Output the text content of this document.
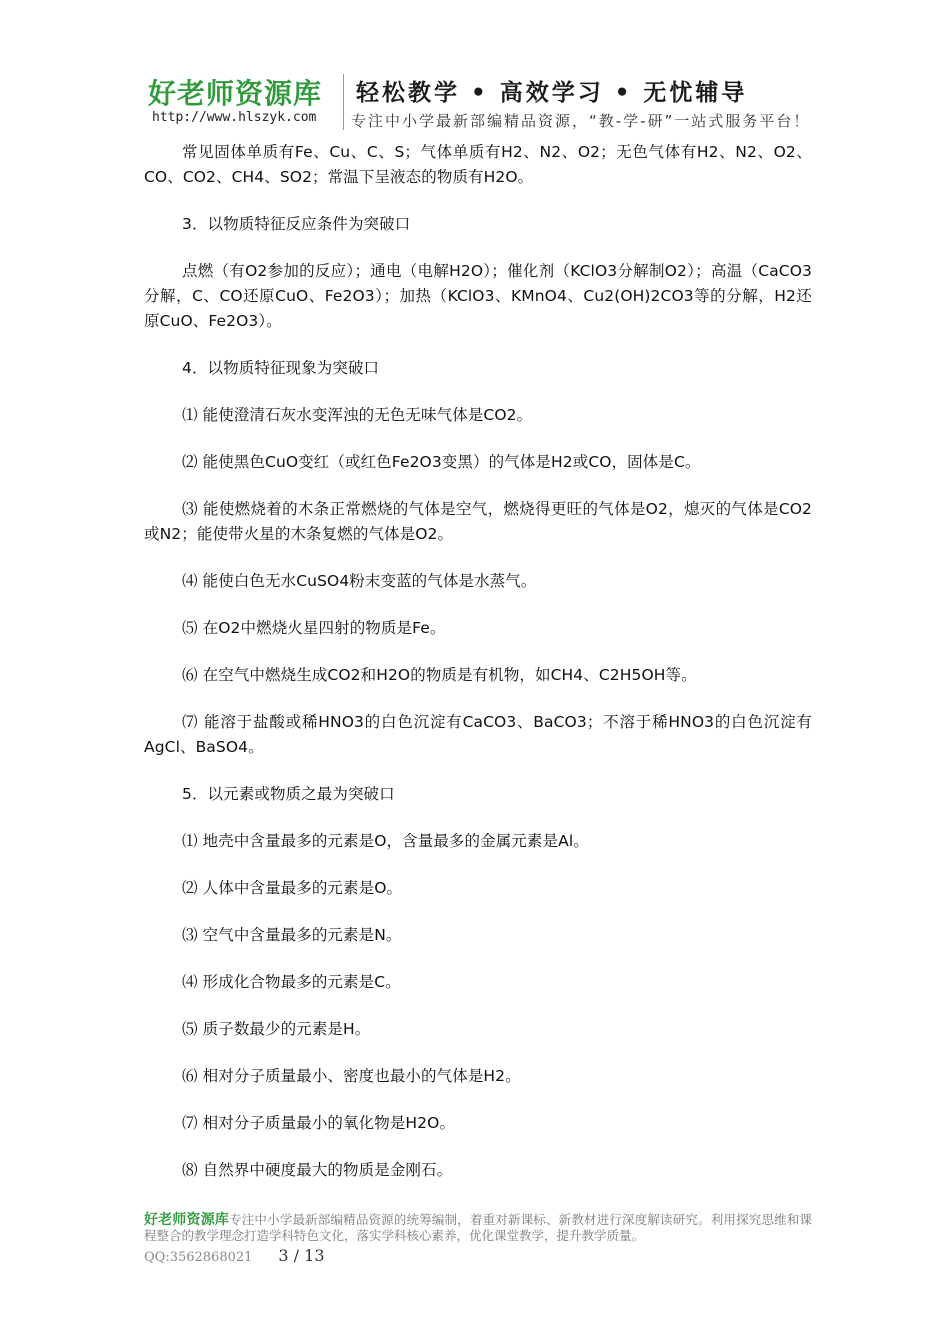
好老师资源库 轻松教学 • 高效学习 • 无忧辅导
http://www.hlszyk.com 专注中小学最新部编精品资源，“教-学-研”一站式服务平台！

常见固体单质有Fe、Cu、C、S；气体单质有H2、N2、O2；无色气体有H2、N2、O2、CO、CO2、CH4、SO2；常温下呈液态的物质有H2O。

3．以物质特征反应条件为突破口

点燃（有O2参加的反应）；通电（电解H2O）；催化剂（KClO3分解制O2）；高温（CaCO3分解，C、CO还原CuO、Fe2O3）；加热（KClO3、KMnO4、Cu2(OH)2CO3等的分解，H2还原CuO、Fe2O3）。

4．以物质特征现象为突破口

⑴ 能使澄清石灰水变浑浊的无色无味气体是CO2。

⑵ 能使黑色CuO变红（或红色Fe2O3变黑）的气体是H2或CO，固体是C。

⑶ 能使燃烧着的木条正常燃烧的气体是空气，燃烧得更旺的气体是O2，熄灭的气体是CO2或N2；能使带火星的木条复燃的气体是O2。

⑷ 能使白色无水CuSO4粉末变蓝的气体是水蒸气。

⑸ 在O2中燃烧火星四射的物质是Fe。

⑹ 在空气中燃烧生成CO2和H2O的物质是有机物，如CH4、C2H5OH等。

⑺ 能溶于盐酸或稀HNO3的白色沉淀有CaCO3、BaCO3；不溶于稀HNO3的白色沉淀有AgCl、BaSO4。

5．以元素或物质之最为突破口

⑴ 地壳中含量最多的元素是O，含量最多的金属元素是Al。

⑵ 人体中含量最多的元素是O。

⑶ 空气中含量最多的元素是N。

⑷ 形成化合物最多的元素是C。

⑸ 质子数最少的元素是H。

⑹ 相对分子质量最小、密度也最小的气体是H2。

⑺ 相对分子质量最小的氧化物是H2O。

⑻ 自然界中硬度最大的物质是金刚石。

好老师资源库专注中小学最新部编精品资源的统筹编制，着重对新课标、新教材进行深度解读研究。利用探究思维和课程整合的教学理念打造学科特色文化，落实学科核心素养，优化课堂教学，提升教学质量。
QQ:3562868021 3 / 13
